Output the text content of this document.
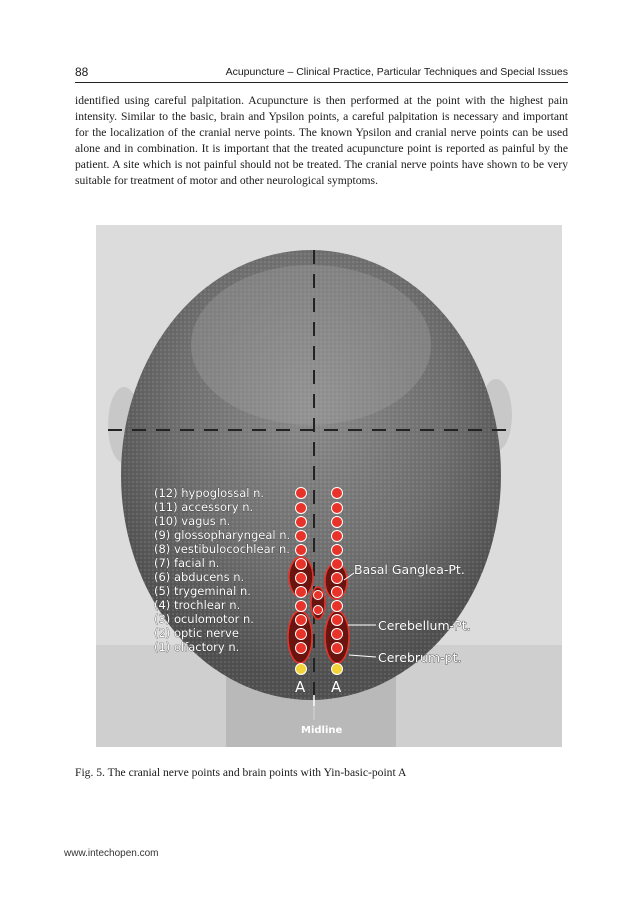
88	Acupuncture – Clinical Practice, Particular Techniques and Special Issues

identified using careful palpitation. Acupuncture is then performed at the point with the highest pain intensity. Similar to the basic, brain and Ypsilon points, a careful palpitation is necessary and important for the localization of the cranial nerve points. The known Ypsilon and cranial nerve points can be used alone and in combination. It is important that the treated acupuncture point is reported as painful by the patient. A site which is not painful should not be treated. The cranial nerve points have shown to be very suitable for treatment of motor and other neurological symptoms.

(12) hypoglossal n.
(11) accessory n.
(10) vagus n.
(9) glossopharyngeal n.
(8) vestibulocochlear n.
(7) facial n.
(6) abducens n.
(5) trygeminal n.
(4) trochlear n.
(3) oculomotor n.
(2) optic nerve
(1) olfactory n.
Basal Ganglea-Pt.
Cerebellum-Pt.
Cerebrum-pt.
A A
Midline
Fig. 5. The cranial nerve points and brain points with Yin-basic-point A
www.intechopen.com
